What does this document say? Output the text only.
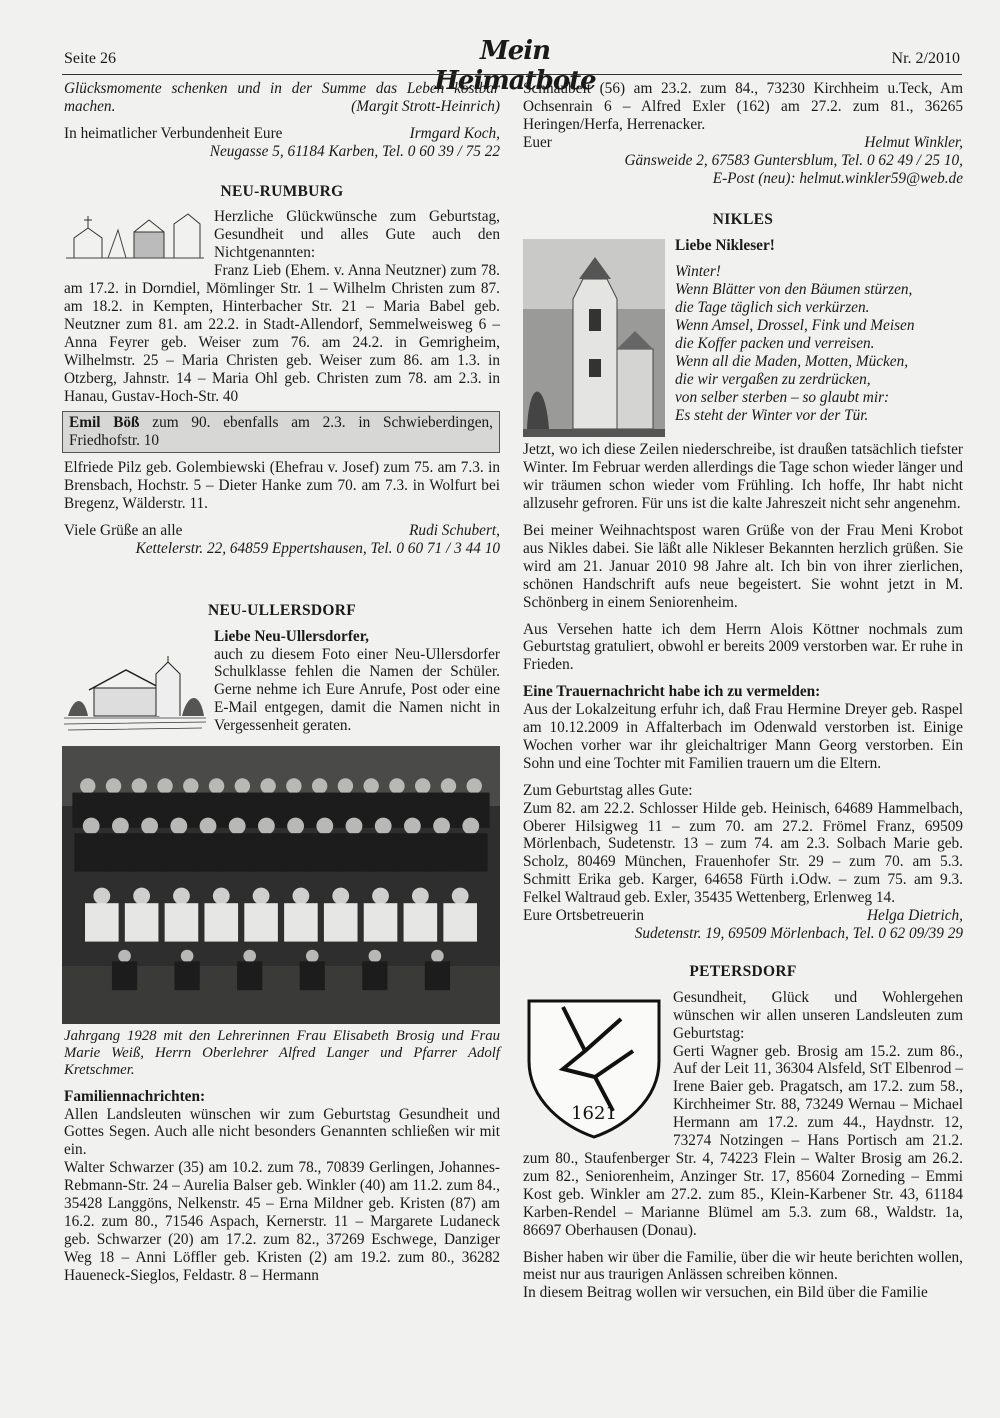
Seite 26	Mein Heimatbote
Nr. 2/2010

Glücksmomente schenken und in der Summe das Leben kostbar machen.	(Margit Strott-Heinrich)

In heimatlicher Verbundenheit Eure	Irmgard Koch,

Neugasse 5, 61184 Karben, Tel. 0 60 39 / 75 22

NEU-RUMBURG

Herzliche Glückwünsche zum Geburtstag, Gesundheit und alles Gute auch den Nichtgenannten:

Franz Lieb (Ehem. v. Anna Neutzner) zum 78. am 17.2. in Dorndiel, Mömlinger Str. 1 – Wilhelm Christen zum 87. am 18.2. in Kempten, Hinterbacher Str. 21 – Maria Babel geb. Neutzner zum 81. am 22.2. in Stadt-Allendorf, Semmelweisweg 6 – Anna Feyrer geb. Weiser zum 76. am 24.2. in Gemrigheim, Wilhelmstr. 25 – Maria Christen geb. Weiser zum 86. am 1.3. in Otzberg, Jahnstr. 14 – Maria Ohl geb. Christen zum 78. am 2.3. in Hanau, Gustav-Hoch-Str. 40

Emil Böß zum 90. ebenfalls am 2.3. in Schwieberdingen, Friedhofstr. 10

Elfriede Pilz geb. Golembiewski (Ehefrau v. Josef) zum 75. am 7.3. in Brensbach, Hochstr. 5 – Dieter Hanke zum 70. am 7.3. in Wolfurt bei Bregenz, Wälderstr. 11.

Viele Grüße an alle	Rudi Schubert,

Kettelerstr. 22, 64859 Eppertshausen, Tel. 0 60 71 / 3 44 10

NEU-ULLERSDORF

Liebe Neu-Ullersdorfer,

auch zu diesem Foto einer Neu-Ullersdorfer Schulklasse fehlen die Namen der Schüler. Gerne nehme ich Eure Anrufe, Post oder eine E-Mail entgegen, damit die Namen nicht in Vergessenheit geraten.

Jahrgang 1928 mit den Lehrerinnen Frau Elisabeth Brosig und Frau Marie Weiß, Herrn Oberlehrer Alfred Langer und Pfarrer Adolf Kretschmer.

Familiennachrichten:

Allen Landsleuten wünschen wir zum Geburtstag Gesundheit und Gottes Segen. Auch alle nicht besonders Genannten schließen wir mit ein.

Walter Schwarzer (35) am 10.2. zum 78., 70839 Gerlingen, Johannes-Rebmann-Str. 24 – Aurelia Balser geb. Winkler (40) am 11.2. zum 84., 35428 Langgöns, Nelkenstr. 45 – Erna Mildner geb. Kristen (87) am 16.2. zum 80., 71546 Aspach, Kernerstr. 11 – Margarete Ludaneck geb. Schwarzer (20) am 17.2. zum 82., 37269 Eschwege, Danziger Weg 18 – Anni Löffler geb. Kristen (2) am 19.2. zum 80., 36282 Haueneck-Sieglos, Feldastr. 8 – Hermann

Schnaubelt (56) am 23.2. zum 84., 73230 Kirchheim u.Teck, Am Ochsenrain 6 – Alfred Exler (162) am 27.2. zum 81., 36265 Heringen/Herfa, Herrenacker.

Euer	Helmut Winkler,

Gänsweide 2, 67583 Guntersblum, Tel. 0 62 49 / 25 10,

E-Post (neu): helmut.winkler59@web.de

NIKLES

Liebe Nikleser!

Winter!

Wenn Blätter von den Bäumen stürzen,

die Tage täglich sich verkürzen.

Wenn Amsel, Drossel, Fink und Meisen

die Koffer packen und verreisen.

Wenn all die Maden, Motten, Mücken,

die wir vergaßen zu zerdrücken,

von selber sterben – so glaubt mir:

Es steht der Winter vor der Tür.

Jetzt, wo ich diese Zeilen niederschreibe, ist draußen tatsächlich tiefster Winter. Im Februar werden allerdings die Tage schon wieder länger und wir träumen schon wieder vom Frühling. Ich hoffe, Ihr habt nicht allzusehr gefroren. Für uns ist die kalte Jahreszeit nicht sehr angenehm.

Bei meiner Weihnachtspost waren Grüße von der Frau Meni Krobot aus Nikles dabei. Sie läßt alle Nikleser Bekannten herzlich grüßen. Sie wird am 21. Januar 2010 98 Jahre alt. Ich bin von ihrer zierlichen, schönen Handschrift aufs neue begeistert. Sie wohnt jetzt in M. Schönberg in einem Seniorenheim.

Aus Versehen hatte ich dem Herrn Alois Köttner nochmals zum Geburtstag gratuliert, obwohl er bereits 2009 verstorben war. Er ruhe in Frieden.

Eine Trauernachricht habe ich zu vermelden:

Aus der Lokalzeitung erfuhr ich, daß Frau Hermine Dreyer geb. Raspel am 10.12.2009 in Affalterbach im Odenwald verstorben ist. Einige Wochen vorher war ihr gleichaltriger Mann Georg verstorben. Ein Sohn und eine Tochter mit Familien trauern um die Eltern.

Zum Geburtstag alles Gute:

Zum 82. am 22.2. Schlosser Hilde geb. Heinisch, 64689 Hammelbach, Oberer Hilsigweg 11 – zum 70. am 27.2. Frömel Franz, 69509 Mörlenbach, Sudetenstr. 13 – zum 74. am 2.3. Solbach Marie geb. Scholz, 80469 München, Frauenhofer Str. 29 – zum 70. am 5.3. Schmitt Erika geb. Karger, 64658 Fürth i.Odw. – zum 75. am 9.3. Felkel Waltraud geb. Exler, 35435 Wettenberg, Erlenweg 14.

Eure Ortsbetreuerin	Helga Dietrich,

Sudetenstr. 19, 69509 Mörlenbach, Tel. 0 62 09/39 29

PETERSDORF
1621

Gesundheit, Glück und Wohlergehen wünschen wir allen unseren Landsleuten zum Geburtstag:

Gerti Wagner geb. Brosig am 15.2. zum 86., Auf der Leit 11, 36304 Alsfeld, StT Elbenrod – Irene Baier geb. Pragatsch, am 17.2. zum 58., Kirchheimer Str. 88, 73249 Wernau – Michael Hermann am 17.2. zum 44., Haydnstr. 12, 73274 Notzingen – Hans Portisch am 21.2. zum 80., Staufenberger Str. 4, 74223 Flein – Walter Brosig am 26.2. zum 82., Seniorenheim, Anzinger Str. 17, 85604 Zorneding – Emmi Kost geb. Winkler am 27.2. zum 85., Klein-Karbener Str. 43, 61184 Karben-Rendel – Marianne Blümel am 5.3. zum 68., Waldstr. 1a, 86697 Oberhausen (Donau).

Bisher haben wir über die Familie, über die wir heute berichten wollen, meist nur aus traurigen Anlässen schreiben können.

In diesem Beitrag wollen wir versuchen, ein Bild über die Familie
